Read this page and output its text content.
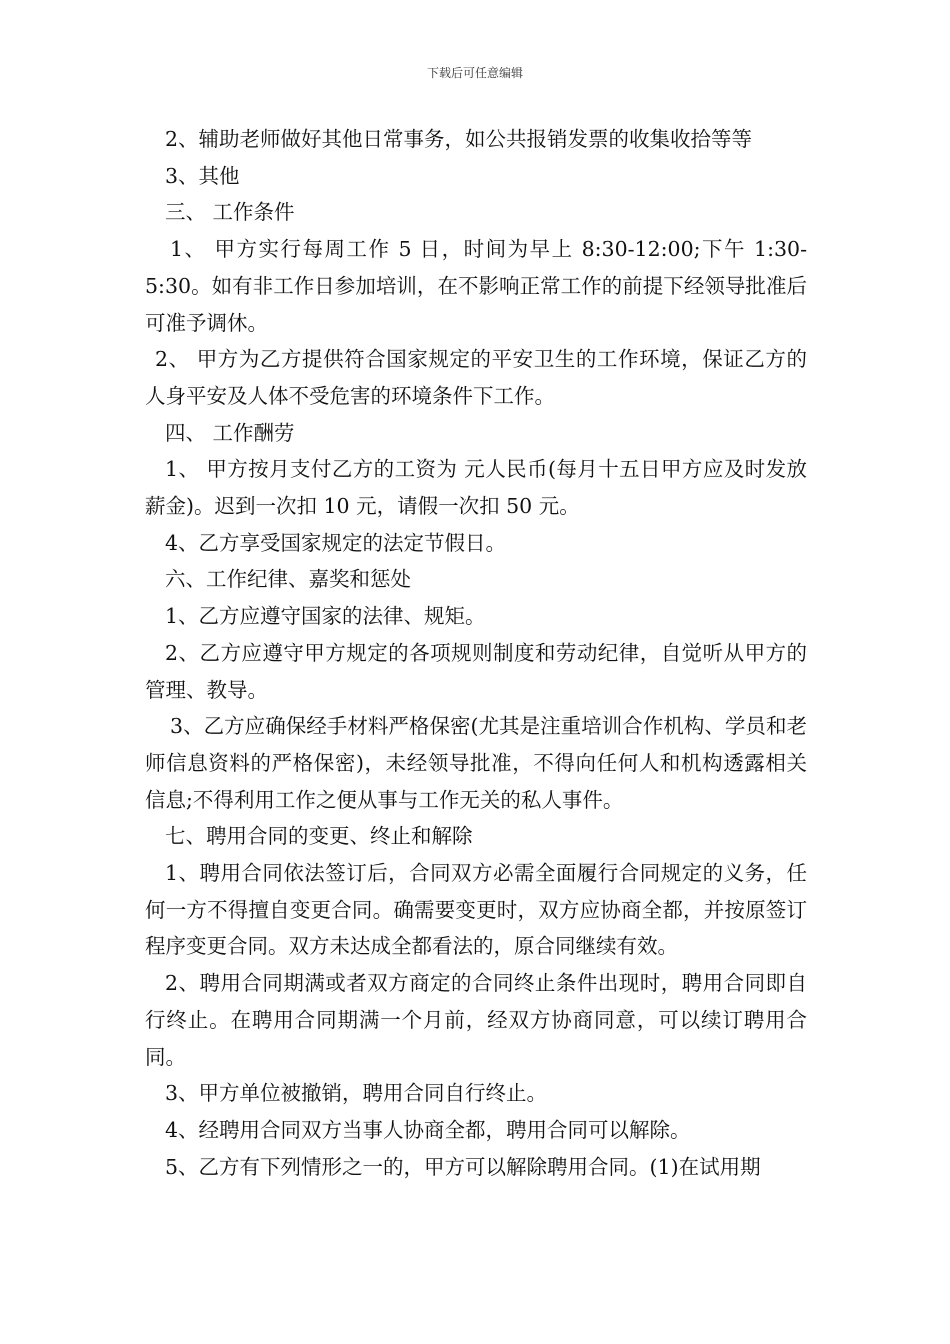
下载后可任意编辑

2、辅助老师做好其他日常事务，如公共报销发票的收集收拾等等

3、其他

三、 工作条件

1、 甲方实行每周工作 5 日，时间为早上 8:30-12:00;下午 1:30-5:30。如有非工作日参加培训，在不影响正常工作的前提下经领导批准后可准予调休。

2、 甲方为乙方提供符合国家规定的平安卫生的工作环境，保证乙方的人身平安及人体不受危害的环境条件下工作。

四、 工作酬劳

1、 甲方按月支付乙方的工资为 元人民币(每月十五日甲方应及时发放薪金)。迟到一次扣 10 元，请假一次扣 50 元。

4、乙方享受国家规定的法定节假日。

六、工作纪律、嘉奖和惩处

1、乙方应遵守国家的法律、规矩。

2、乙方应遵守甲方规定的各项规则制度和劳动纪律，自觉听从甲方的管理、教导。

3、乙方应确保经手材料严格保密(尤其是注重培训合作机构、学员和老师信息资料的严格保密)，未经领导批准，不得向任何人和机构透露相关信息;不得利用工作之便从事与工作无关的私人事件。

七、聘用合同的变更、终止和解除

1、聘用合同依法签订后，合同双方必需全面履行合同规定的义务，任何一方不得擅自变更合同。确需要变更时，双方应协商全都，并按原签订程序变更合同。双方未达成全都看法的，原合同继续有效。

2、聘用合同期满或者双方商定的合同终止条件出现时，聘用合同即自行终止。在聘用合同期满一个月前，经双方协商同意，可以续订聘用合同。

3、甲方单位被撤销，聘用合同自行终止。

4、经聘用合同双方当事人协商全都，聘用合同可以解除。

5、乙方有下列情形之一的，甲方可以解除聘用合同。(1)在试用期
